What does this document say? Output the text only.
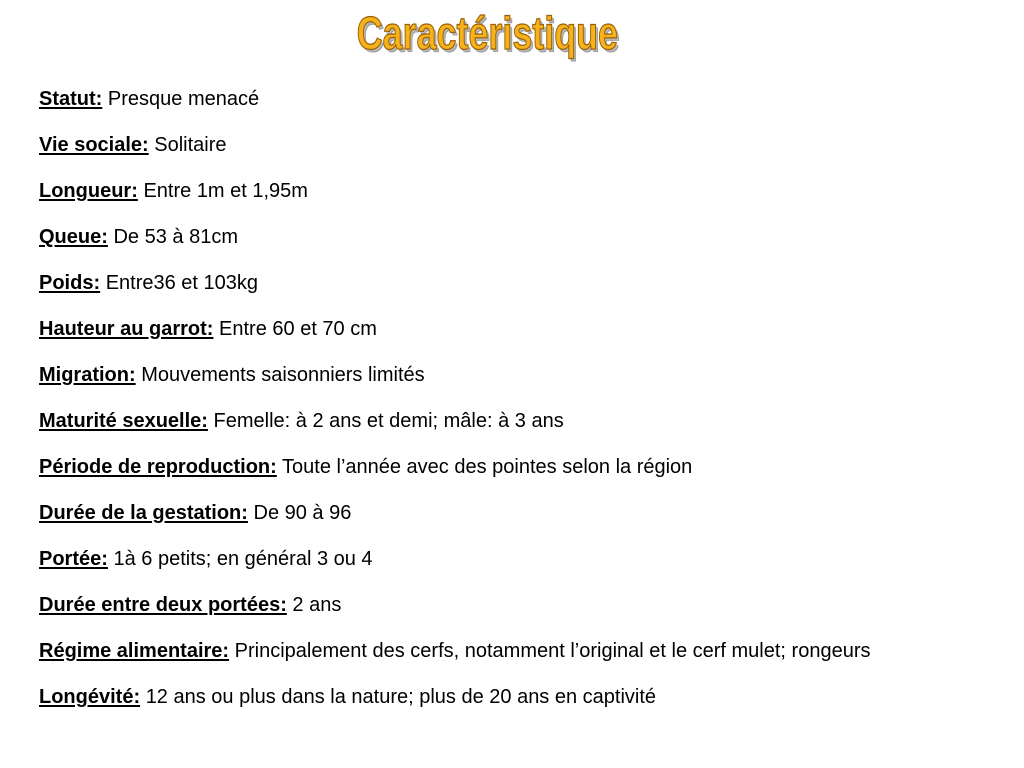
Caractéristique
Statut: Presque menacé
Vie sociale: Solitaire
Longueur: Entre 1m et 1,95m
Queue: De 53 à 81cm
Poids: Entre36 et 103kg
Hauteur au garrot: Entre 60 et 70 cm
Migration: Mouvements saisonniers limités
Maturité sexuelle: Femelle: à 2 ans et demi; mâle: à 3 ans
Période de reproduction: Toute l’année avec des pointes selon la région
Durée de la gestation: De 90 à 96
Portée: 1à 6 petits; en général 3 ou 4
Durée entre deux portées: 2 ans
Régime alimentaire: Principalement des cerfs, notamment l’original et le cerf mulet; rongeurs
Longévité: 12 ans ou plus dans la nature; plus de 20 ans en captivité
